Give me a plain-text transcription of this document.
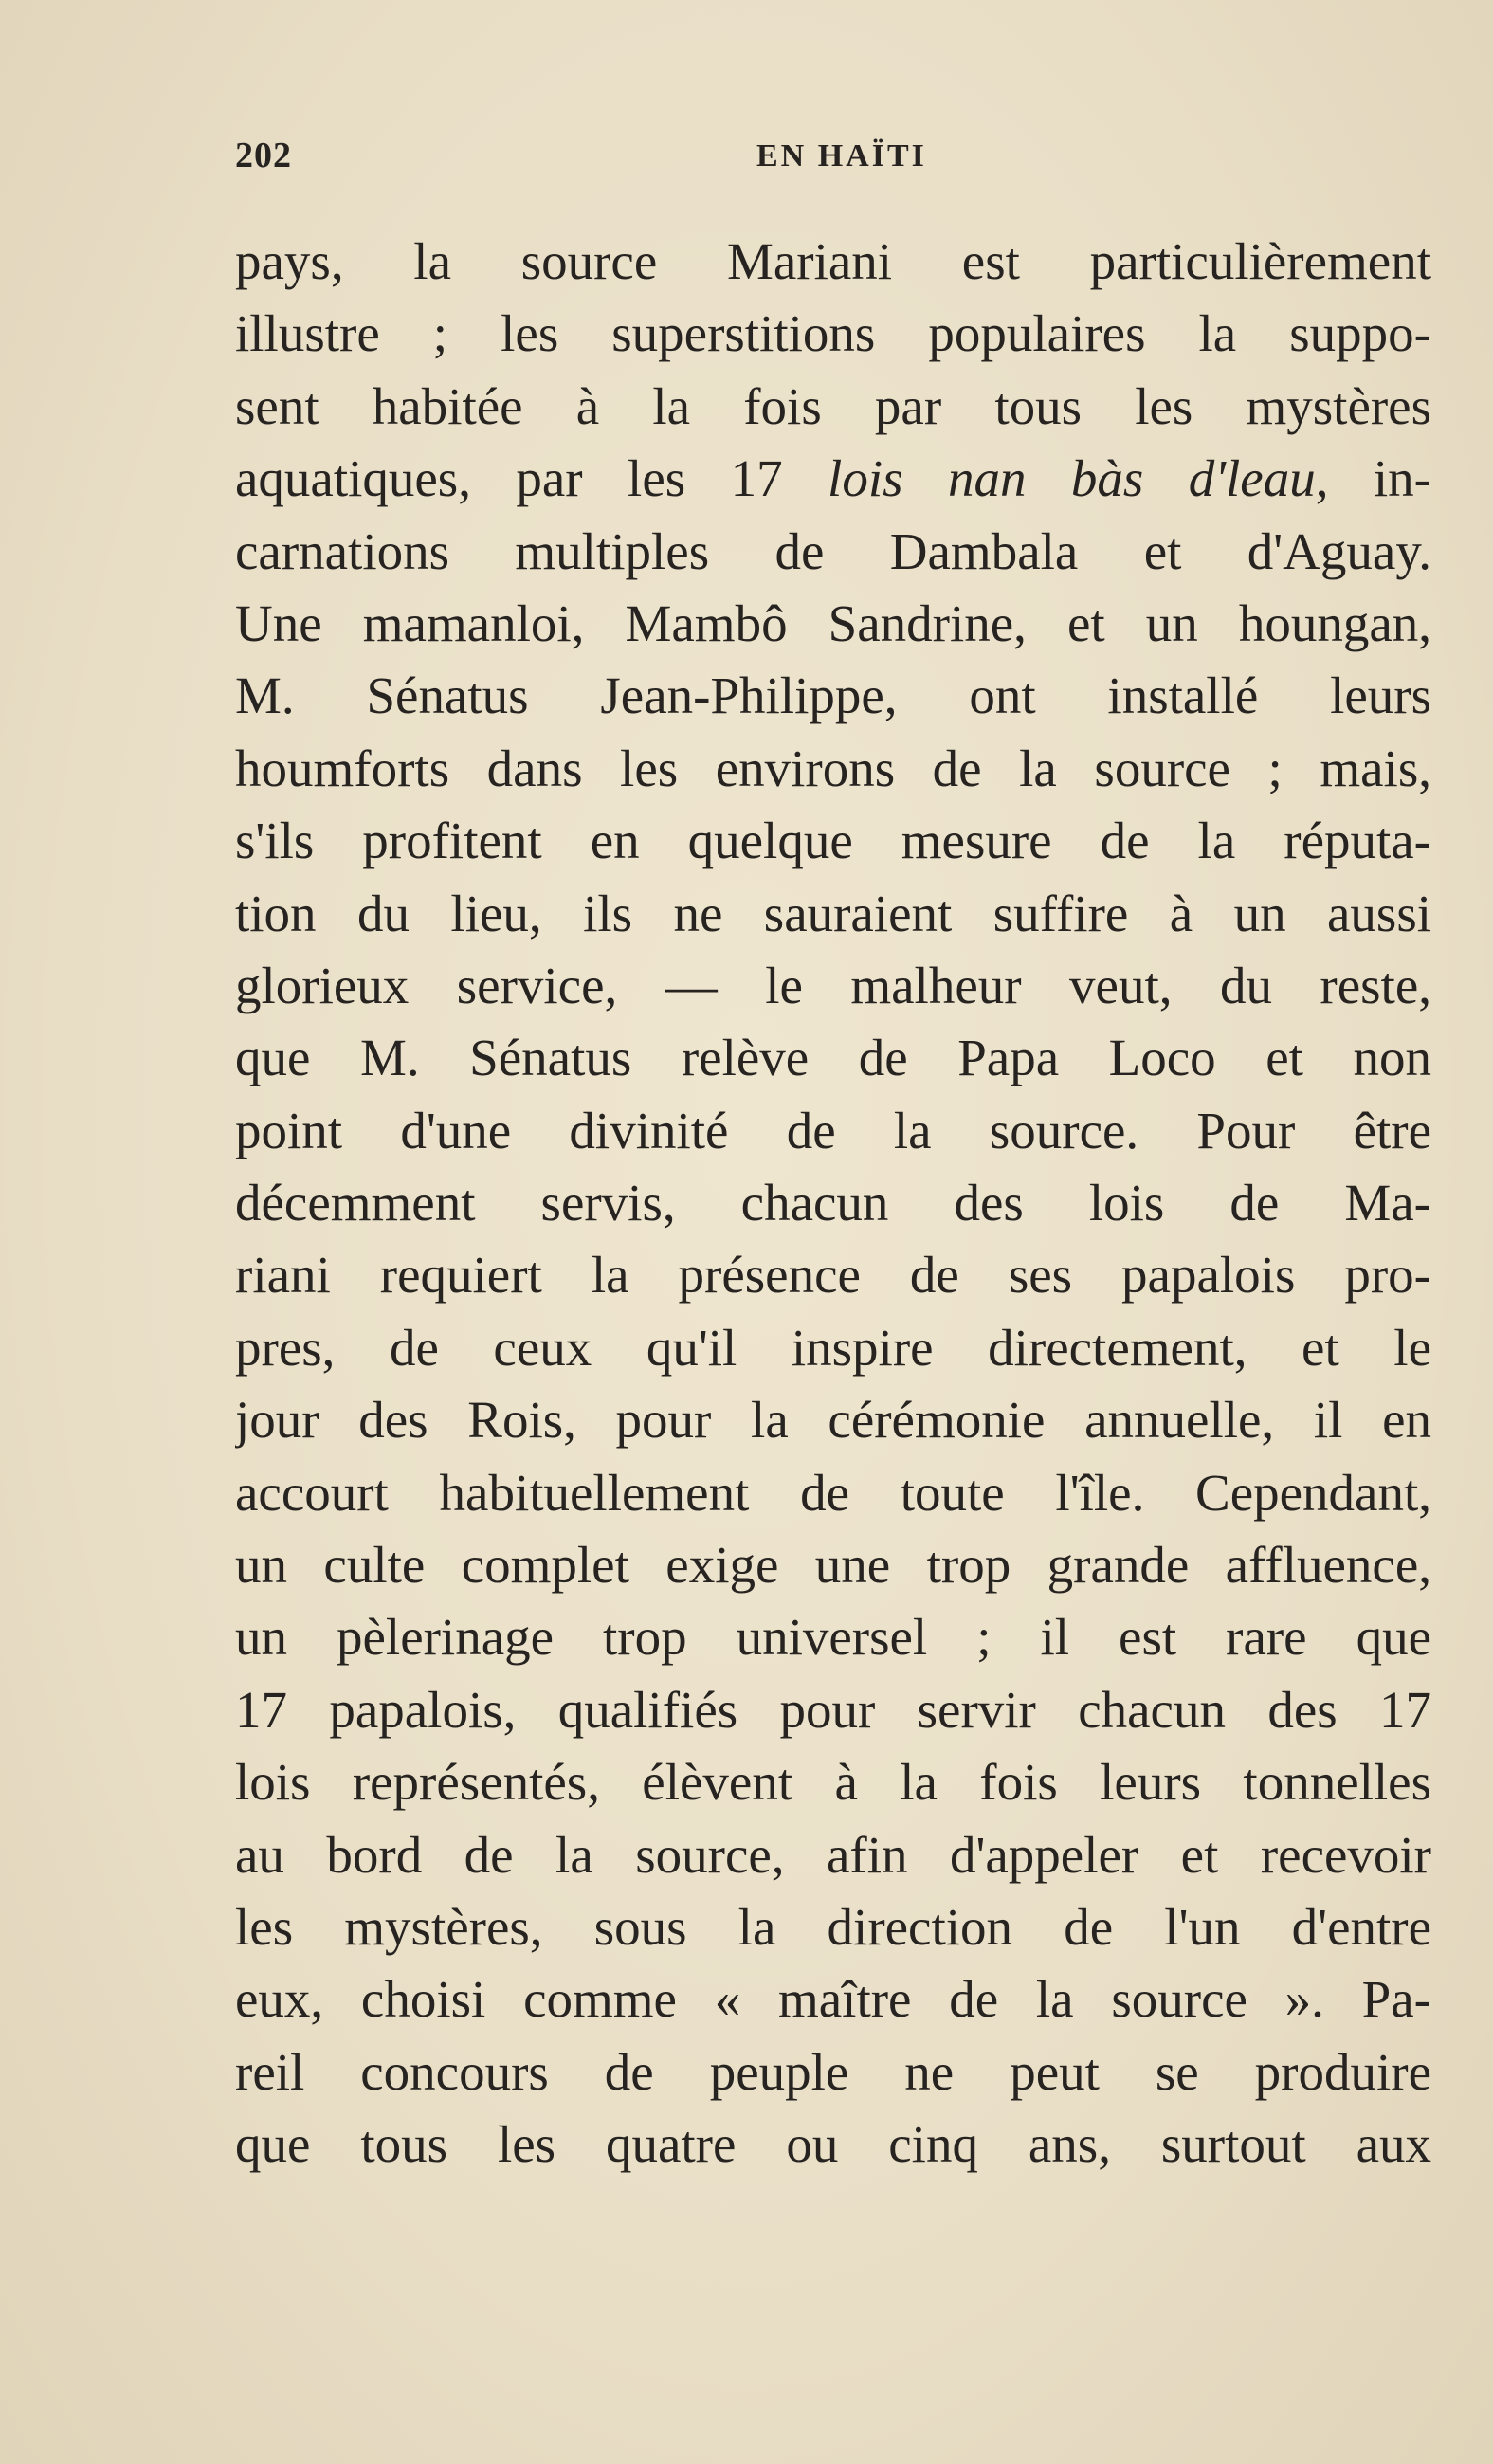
202	EN HAÏTI
pays, la source Mariani est particulièrement
illustre ; les superstitions populaires la suppo-
sent habitée à la fois par tous les mystères
aquatiques, par les 17 lois nan bàs d'leau, in-
carnations multiples de Dambala et d'Aguay.
Une mamanloi, Mambô Sandrine, et un houngan,
M. Sénatus Jean-Philippe, ont installé leurs
houmforts dans les environs de la source ; mais,
s'ils profitent en quelque mesure de la réputa-
tion du lieu, ils ne sauraient suffire à un aussi
glorieux service, — le malheur veut, du reste,
que M. Sénatus relève de Papa Loco et non
point d'une divinité de la source. Pour être
décemment servis, chacun des lois de Ma-
riani requiert la présence de ses papalois pro-
pres, de ceux qu'il inspire directement, et le
jour des Rois, pour la cérémonie annuelle, il en
accourt habituellement de toute l'île. Cependant,
un culte complet exige une trop grande affluence,
un pèlerinage trop universel ; il est rare que
17 papalois, qualifiés pour servir chacun des 17
lois représentés, élèvent à la fois leurs tonnelles
au bord de la source, afin d'appeler et recevoir
les mystères, sous la direction de l'un d'entre
eux, choisi comme « maître de la source ». Pa-
reil concours de peuple ne peut se produire
que tous les quatre ou cinq ans, surtout aux
